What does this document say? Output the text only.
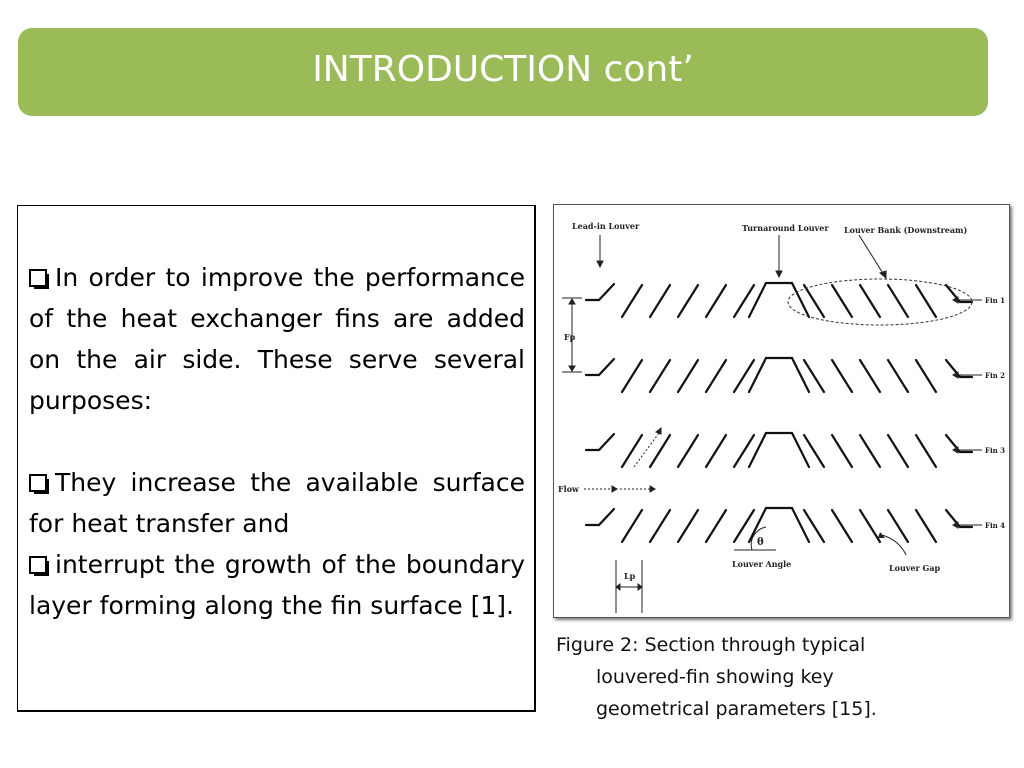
INTRODUCTION cont’
In order to improve the performance of the heat exchanger fins are added on the air side. These serve several purposes:
They increase the available surface for heat transfer and
interrupt the growth of the boundary layer forming along the fin surface [1].
Lead-in Louver	Turnaround Louver Louver Bank (Downstream)
Fp
Flow
θ
Louver Angle	Louver Gap
Lp
Fin 1
Fin 2
Fin 3
Fin 4
Figure 2: Section through typical
louvered-fin showing key
geometrical parameters [15].
